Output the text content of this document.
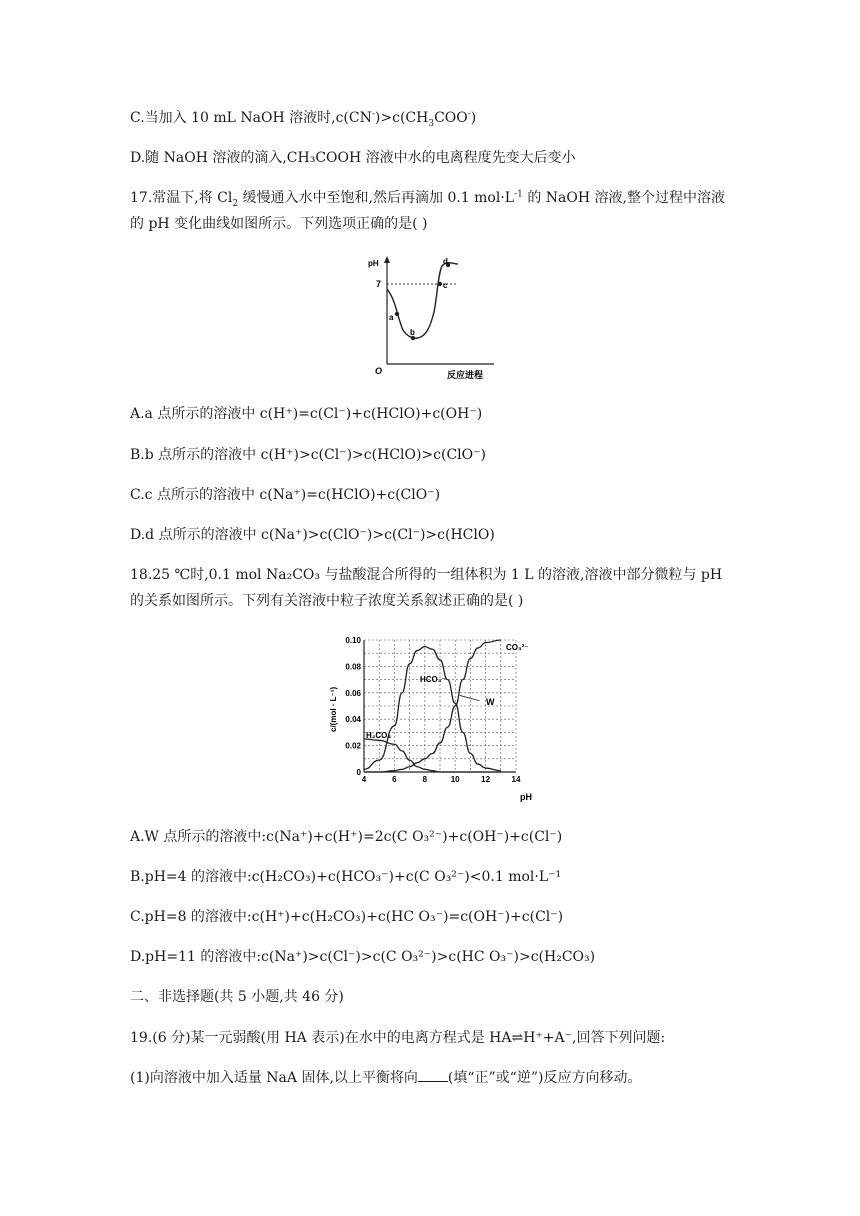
C.当加入 10 mL NaOH 溶液时$,c(CN^-)>c(CH_3COO^-)$
D.随 NaOH 溶液的滴入,CH₃COOH 溶液中水的电离程度先变大后变小
17.常温下,将 $Cl_2$ 缓慢通入水中至饱和,然后再滴加 0.1 $mol\cdot L^{-1}$ 的 NaOH 溶液,整个过程中溶液
的 pH 变化曲线如图所示。下列选项正确的是( )
pH
7
O	反应进程
a
b
c
d
A.a 点所示的溶液中 c(H⁺)=c(Cl⁻)+c(HClO)+c(OH⁻)
B.b 点所示的溶液中 c(H⁺)>c(Cl⁻)>c(HClO)>c(ClO⁻)
C.c 点所示的溶液中 c(Na⁺)=c(HClO)+c(ClO⁻)
D.d 点所示的溶液中 c(Na⁺)>c(ClO⁻)>c(Cl⁻)>c(HClO)
18.25 ℃时,0.1 mol Na₂CO₃ 与盐酸混合所得的一组体积为 1 L 的溶液,溶液中部分微粒与 pH
的关系如图所示。下列有关溶液中粒子浓度关系叙述正确的是( )
0
0.02
0.04
0.06
0.08
0.10
4	6	8	10	12	14
c/(mol · L⁻¹)
pH
H₂CO₃
HCO₃⁻
CO₃²⁻
W
A.W 点所示的溶液中:c(Na⁺)+c(H⁺)=2c(C O₃²⁻)+c(OH⁻)+c(Cl⁻)
B.pH=4 的溶液中:c(H₂CO₃)+c(HCO₃⁻)+c(C O₃²⁻)<0.1 mol·L⁻¹
C.pH=8 的溶液中:c(H⁺)+c(H₂CO₃)+c(HC O₃⁻)=c(OH⁻)+c(Cl⁻)
D.pH=11 的溶液中:c(Na⁺)>c(Cl⁻)>c(C O₃²⁻)>c(HC O₃⁻)>c(H₂CO₃)
二、非选择题(共 5 小题,共 46 分)
19.(6 分)某一元弱酸(用 HA 表示)在水中的电离方程式是 HA⇌H⁺+A⁻,回答下列问题:
(1)向溶液中加入适量 NaA 固体,以上平衡将向 (填“正”或“逆”)反应方向移动。
